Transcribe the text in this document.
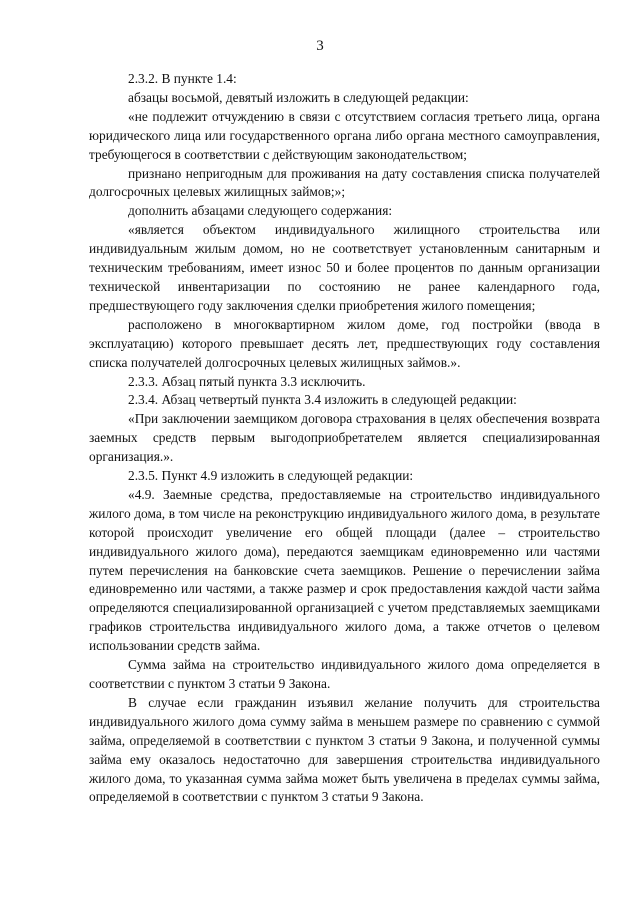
3

2.3.2. В пункте 1.4:

абзацы восьмой, девятый изложить в следующей редакции:

«не подлежит отчуждению в связи с отсутствием согласия третьего лица, органа юридического лица или государственного органа либо органа местного самоуправления, требующегося в соответствии с действующим законодательством;

признано непригодным для проживания на дату составления списка получателей долгосрочных целевых жилищных займов;»;

дополнить абзацами следующего содержания:

«является объектом индивидуального жилищного строительства или индивидуальным жилым домом, но не соответствует установленным санитарным и техническим требованиям, имеет износ 50 и более процентов по данным организации технической инвентаризации по состоянию не ранее календарного года, предшествующего году заключения сделки приобретения жилого помещения;

расположено в многоквартирном жилом доме, год постройки (ввода в эксплуатацию) которого превышает десять лет, предшествующих году составления списка получателей долгосрочных целевых жилищных займов.».

2.3.3. Абзац пятый пункта 3.3 исключить.

2.3.4. Абзац четвертый пункта 3.4 изложить в следующей редакции:

«При заключении заемщиком договора страхования в целях обеспечения возврата заемных средств первым выгодоприобретателем является специализированная организация.».

2.3.5. Пункт 4.9 изложить в следующей редакции:

«4.9. Заемные средства, предоставляемые на строительство индивидуального жилого дома, в том числе на реконструкцию индивидуального жилого дома, в результате которой происходит увеличение его общей площади (далее – строительство индивидуального жилого дома), передаются заемщикам единовременно или частями путем перечисления на банковские счета заемщиков. Решение о перечислении займа единовременно или частями, а также размер и срок предоставления каждой части займа определяются специализированной организацией с учетом представляемых заемщиками графиков строительства индивидуального жилого дома, а также отчетов о целевом использовании средств займа.

Сумма займа на строительство индивидуального жилого дома определяется в соответствии с пунктом 3 статьи 9 Закона.

В случае если гражданин изъявил желание получить для строительства индивидуального жилого дома сумму займа в меньшем размере по сравнению с суммой займа, определяемой в соответствии с пунктом 3 статьи 9 Закона, и полученной суммы займа ему оказалось недостаточно для завершения строительства индивидуального жилого дома, то указанная сумма займа может быть увеличена в пределах суммы займа, определяемой в соответствии с пунктом 3 статьи 9 Закона.
